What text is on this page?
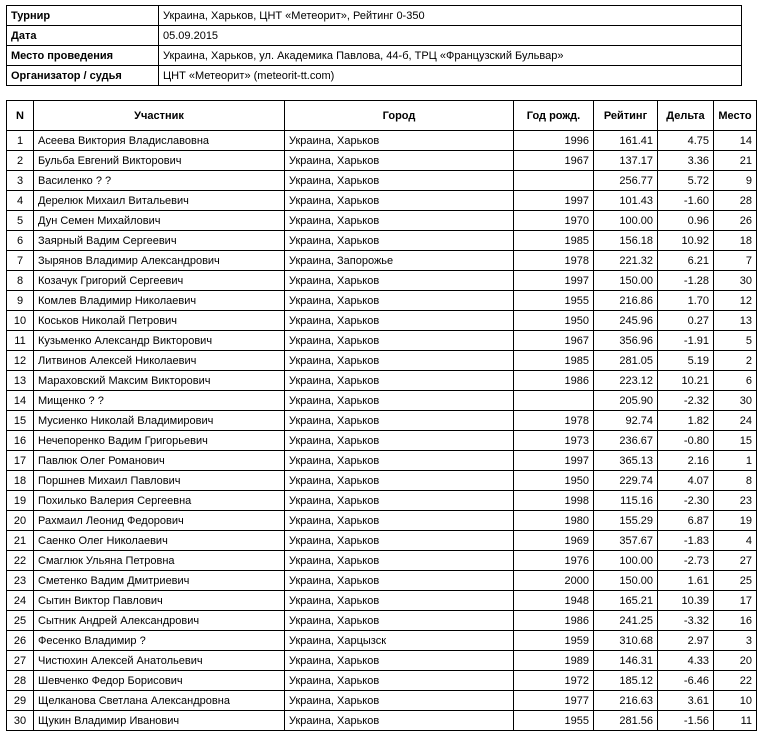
Турнир	Украина, Харьков, ЦНТ «Метеорит», Рейтинг 0-350
Дата	05.09.2015
Место проведения	Украина, Харьков, ул. Академика Павлова, 44-б, ТРЦ «Французский Бульвар»
Организатор / судья	ЦНТ «Метеорит» (meteorit-tt.com)
N	Участник	Город	Год рожд.	Рейтинг	Дельта	Место
1	Асеева Виктория Владиславовна	Украина, Харьков	1996	161.41	4.75	14
2	Бульба Евгений Викторович	Украина, Харьков	1967	137.17	3.36	21
3	Василенко ? ?	Украина, Харьков		256.77	5.72	9
4	Дерелюк Михаил Витальевич	Украина, Харьков	1997	101.43	-1.60	28
5	Дун Семен Михайлович	Украина, Харьков	1970	100.00	0.96	26
6	Заярный Вадим Сергеевич	Украина, Харьков	1985	156.18	10.92	18
7	Зырянов Владимир Александрович	Украина, Запорожье	1978	221.32	6.21	7
8	Козачук Григорий Сергеевич	Украина, Харьков	1997	150.00	-1.28	30
9	Комлев Владимир Николаевич	Украина, Харьков	1955	216.86	1.70	12
10	Коськов Николай Петрович	Украина, Харьков	1950	245.96	0.27	13
11	Кузьменко Александр Викторович	Украина, Харьков	1967	356.96	-1.91	5
12	Литвинов Алексей Николаевич	Украина, Харьков	1985	281.05	5.19	2
13	Мараховский Максим Викторович	Украина, Харьков	1986	223.12	10.21	6
14	Мищенко ? ?	Украина, Харьков		205.90	-2.32	30
15	Мусиенко Николай Владимирович	Украина, Харьков	1978	92.74	1.82	24
16	Нечепоренко Вадим Григорьевич	Украина, Харьков	1973	236.67	-0.80	15
17	Павлюк Олег Романович	Украина, Харьков	1997	365.13	2.16	1
18	Поршнев Михаил Павлович	Украина, Харьков	1950	229.74	4.07	8
19	Похилько Валерия Сергеевна	Украина, Харьков	1998	115.16	-2.30	23
20	Рахмаил Леонид Федорович	Украина, Харьков	1980	155.29	6.87	19
21	Саенко Олег Николаевич	Украина, Харьков	1969	357.67	-1.83	4
22	Смаглюк Ульяна Петровна	Украина, Харьков	1976	100.00	-2.73	27
23	Сметенко Вадим Дмитриевич	Украина, Харьков	2000	150.00	1.61	25
24	Сытин Виктор Павлович	Украина, Харьков	1948	165.21	10.39	17
25	Сытник Андрей Александрович	Украина, Харьков	1986	241.25	-3.32	16
26	Фесенко Владимир ?	Украина, Харцызск	1959	310.68	2.97	3
27	Чистюхин Алексей Анатольевич	Украина, Харьков	1989	146.31	4.33	20
28	Шевченко Федор Борисович	Украина, Харьков	1972	185.12	-6.46	22
29	Щелканова Светлана Александровна	Украина, Харьков	1977	216.63	3.61	10
30	Щукин Владимир Иванович	Украина, Харьков	1955	281.56	-1.56	11
